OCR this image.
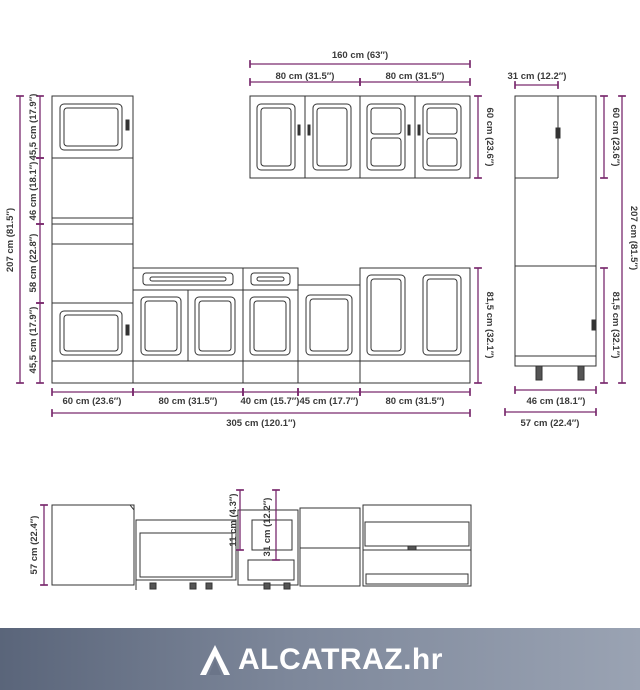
160 cm (63″)
80 cm (31.5″)	80 cm (31.5″)
60 cm (23.6″)
207 cm (81.5″)
45,5 cm (17.9″)
46 cm (18.1″)
58 cm (22.8″)
45,5 cm (17.9″)	81,5 cm (32.1″)
60 cm (23.6″)	80 cm (31.5″) 40 cm (15.7″) 45 cm (17.7″)	80 cm (31.5″)
305 cm (120.1″)
31 cm (12.2″)
60 cm (23.6″)
207 cm (81.5″)
81,5 cm (32.1″)
46 cm (18.1″)
57 cm (22.4″)
57 cm (22.4″)	11 cm (4.3″) 31 cm (12.2″)
ALCATRAZ.hr
